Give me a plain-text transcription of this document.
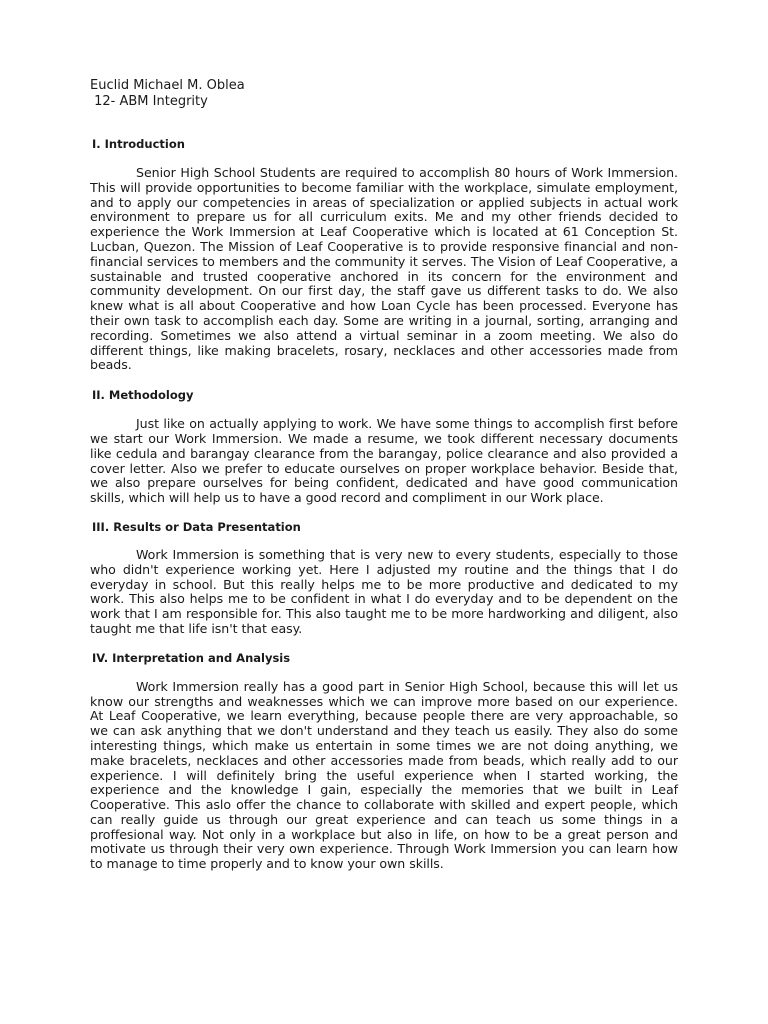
Euclid Michael M. Oblea

12- ABM Integrity

I. Introduction

Senior High School Students are required to accomplish 80 hours of Work Immersion. This will provide opportunities to become familiar with the workplace, simulate employment, and to apply our competencies in areas of specialization or applied subjects in actual work environment to prepare us for all curriculum exits. Me and my other friends decided to experience the Work Immersion at Leaf Cooperative which is located at 61 Conception St. Lucban, Quezon. The Mission of Leaf Cooperative is to provide responsive financial and non-financial services to members and the community it serves. The Vision of Leaf Cooperative, a sustainable and trusted cooperative anchored in its concern for the environment and community development. On our first day, the staff gave us different tasks to do. We also knew what is all about Cooperative and how Loan Cycle has been processed. Everyone has their own task to accomplish each day. Some are writing in a journal, sorting, arranging and recording. Sometimes we also attend a virtual seminar in a zoom meeting. We also do different things, like making bracelets, rosary, necklaces and other accessories made from beads.

II. Methodology

Just like on actually applying to work. We have some things to accomplish first before we start our Work Immersion. We made a resume, we took different necessary documents like cedula and barangay clearance from the barangay, police clearance and also provided a cover letter. Also we prefer to educate ourselves on proper workplace behavior. Beside that, we also prepare ourselves for being confident, dedicated and have good communication skills, which will help us to have a good record and compliment in our Work place.

III. Results or Data Presentation

Work Immersion is something that is very new to every students, especially to those who didn't experience working yet. Here I adjusted my routine and the things that I do everyday in school. But this really helps me to be more productive and dedicated to my work. This also helps me to be confident in what I do everyday and to be dependent on the work that I am responsible for. This also taught me to be more hardworking and diligent, also taught me that life isn't that easy.

IV. Interpretation and Analysis

Work Immersion really has a good part in Senior High School, because this will let us know our strengths and weaknesses which we can improve more based on our experience. At Leaf Cooperative, we learn everything, because people there are very approachable, so we can ask anything that we don't understand and they teach us easily. They also do some interesting things, which make us entertain in some times we are not doing anything, we make bracelets, necklaces and other accessories made from beads, which really add to our experience. I will definitely bring the useful experience when I started working, the experience and the knowledge I gain, especially the memories that we built in Leaf Cooperative. This aslo offer the chance to collaborate with skilled and expert people, which can really guide us through our great experience and can teach us some things in a proffesional way. Not only in a workplace but also in life, on how to be a great person and motivate us through their very own experience. Through Work Immersion you can learn how to manage to time properly and to know your own skills.
